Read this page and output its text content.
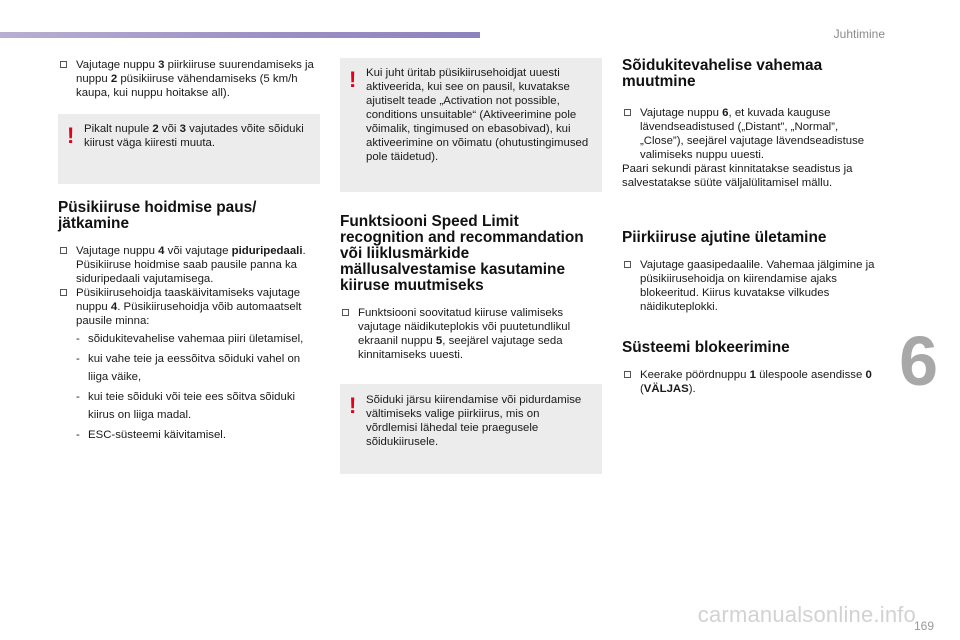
Juhtimine
6
carmanualsonline.info
169

Vajutage nuppu 3 piirkiiruse suurendamiseks ja nuppu 2 püsikiiruse vähendamiseks (5 km/h kaupa, kui nuppu hoitakse all).

! Pikalt nupule 2 või 3 vajutades võite sõiduki kiirust väga kiiresti muuta.
Püsikiiruse hoidmise paus/ jätkamine

Vajutage nuppu 4 või vajutage piduripedaali. Püsikiiruse hoidmise saab pausile panna ka siduripedaali vajutamisega.

Püsikiirusehoidja taaskäivitamiseks vajutage nuppu 4. Püsikiirusehoidja võib automaatselt pausile minna:

- sõidukitevahelise vahemaa piiri ületamisel,

- kui vahe teie ja eessõitva sõiduki vahel on liiga väike,

- kui teie sõiduki või teie ees sõitva sõiduki kiirus on liiga madal.

- ESC-süsteemi käivitamisel.

! Kui juht üritab püsikiirusehoidjat uuesti aktiveerida, kui see on pausil, kuvatakse ajutiselt teade „Activation not possible, conditions unsuitable“ (Aktiveerimine pole võimalik, tingimused on ebasobivad), kui aktiveerimine on võimatu (ohutustingimused pole täidetud).
Funktsiooni Speed Limit recognition and recommandation või liiklusmärkide mällusalvestamise kasutamine kiiruse muutmiseks

Funktsiooni soovitatud kiiruse valimiseks vajutage näidikuteplokis või puutetundlikul ekraanil nuppu 5, seejärel vajutage seda kinnitamiseks uuesti.

! Sõiduki järsu kiirendamise või pidurdamise vältimiseks valige piirkiirus, mis on võrdlemisi lähedal teie praegusele sõidukiirusele.
Sõidukitevahelise vahemaa muutmine

Vajutage nuppu 6, et kuvada kauguse lävendseadistused („Distant”, „Normal”, „Close”), seejärel vajutage lävendseadistuse valimiseks nuppu uuesti.

Paari sekundi pärast kinnitatakse seadistus ja salvestatakse süüte väljalülitamisel mällu.

Piirkiiruse ajutine ületamine

Vajutage gaasipedaalile. Vahemaa jälgimine ja püsikiirusehoidja on kiirendamise ajaks blokeeritud. Kiirus kuvatakse vilkudes näidikuteplokki.

Süsteemi blokeerimine

Keerake pöördnuppu 1 ülespoole asendisse 0 (VÄLJAS).
